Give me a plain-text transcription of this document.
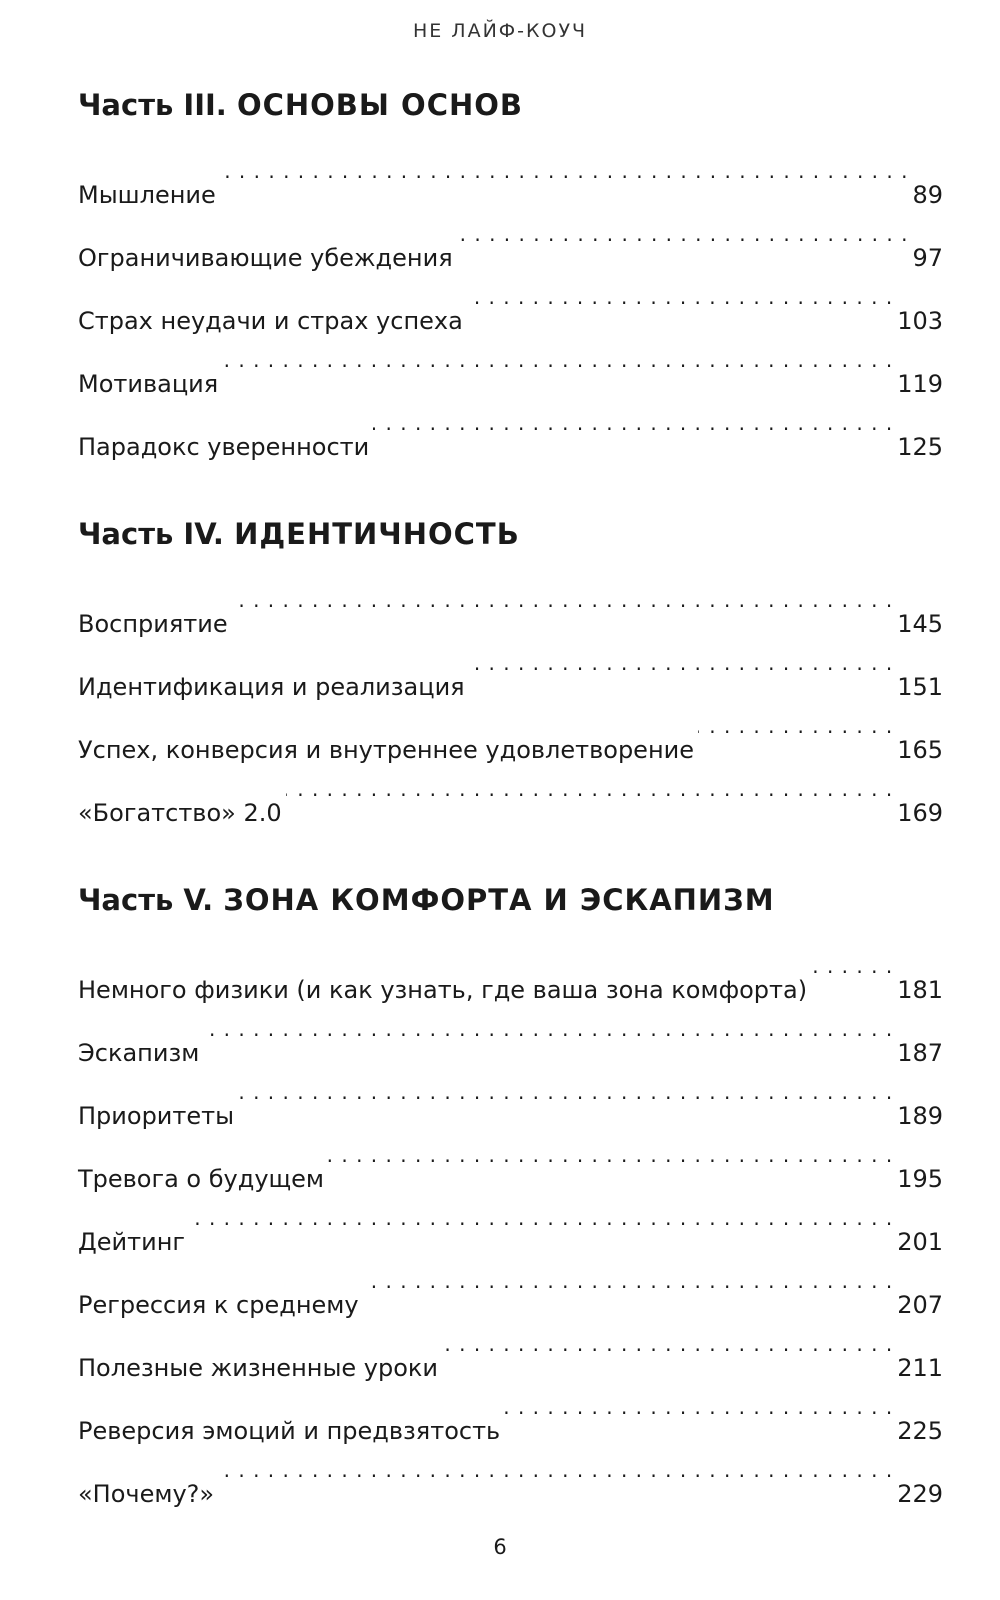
НЕ ЛАЙФ-КОУЧ
Часть III. ОСНОВЫ ОСНОВ
Мышление . . .	89
Ограничивающие убеждения . . .	97
Страх неудачи и страх успеха . . .	103
Мотивация . . .	119
Парадокс уверенности . . .	125
Часть IV. ИДЕНТИЧНОСТЬ
Восприятие . . .	145
Идентификация и реализация . . .	151
Успех, конверсия и внутреннее удовлетворение . . .	165
«Богатство» 2.0 . . .	169
Часть V. ЗОНА КОМФОРТА И ЭСКАПИЗМ
Немного физики (и как узнать, где ваша зона комфорта) . . .	181
Эскапизм . . .	187
Приоритеты . . .	189
Тревога о будущем . . .	195
Дейтинг . . .	201
Регрессия к среднему . . .	207
Полезные жизненные уроки . . .	211
Реверсия эмоций и предвзятость . . .	225
«Почему?» . . .	229
6
